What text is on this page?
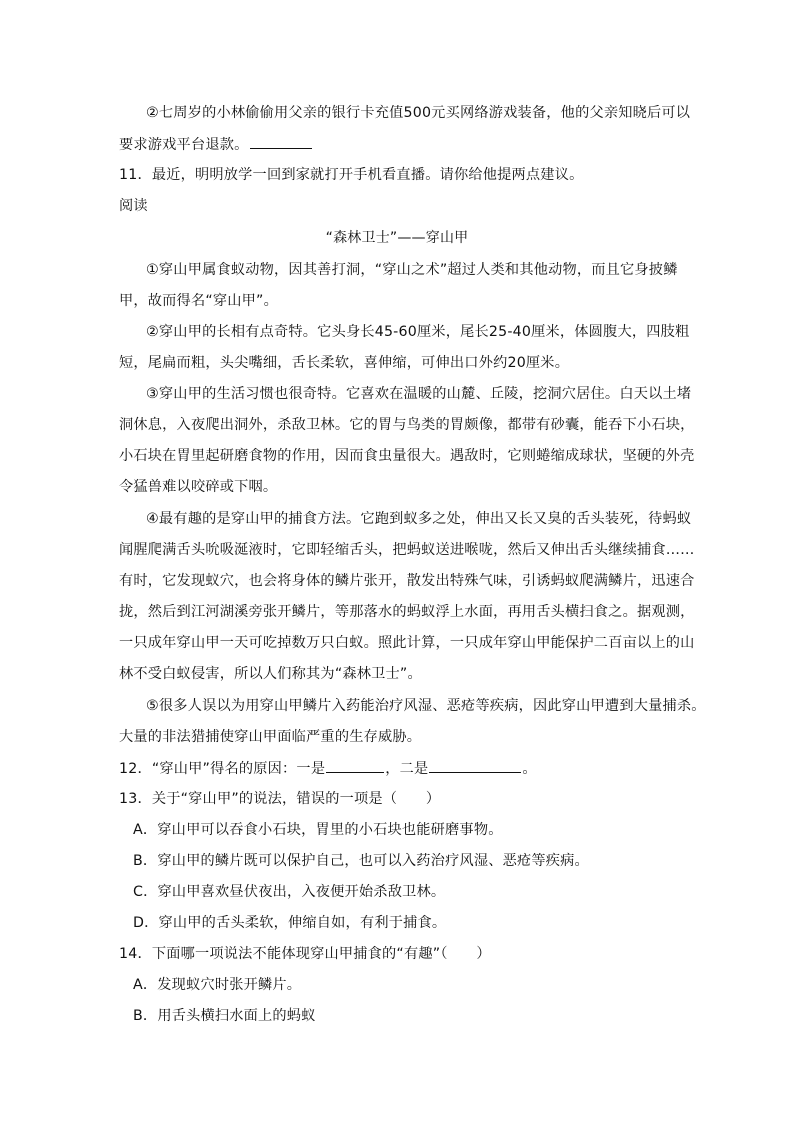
②七周岁的小林偷偷用父亲的银行卡充值500元买网络游戏装备，他的父亲知晓后可以
要求游戏平台退款。
11．最近，明明放学一回到家就打开手机看直播。请你给他提两点建议。
阅读
“森林卫士”——穿山甲
①穿山甲属食蚁动物，因其善打洞，“穿山之术”超过人类和其他动物，而且它身披鳞
甲，故而得名“穿山甲”。
②穿山甲的长相有点奇特。它头身长45-60厘米，尾长25-40厘米，体圆腹大，四肢粗
短，尾扁而粗，头尖嘴细，舌长柔软，喜伸缩，可伸出口外约20厘米。
③穿山甲的生活习惯也很奇特。它喜欢在温暖的山麓、丘陵，挖洞穴居住。白天以土堵
洞休息，入夜爬出洞外，杀敌卫林。它的胃与鸟类的胃颇像，都带有砂囊，能吞下小石块，
小石块在胃里起研磨食物的作用，因而食虫量很大。遇敌时，它则蜷缩成球状，坚硬的外壳
令猛兽难以咬碎或下咽。
④最有趣的是穿山甲的捕食方法。它跑到蚁多之处，伸出又长又臭的舌头装死，待蚂蚁
闻腥爬满舌头吮吸涎液时，它即轻缩舌头，把蚂蚁送进喉咙，然后又伸出舌头继续捕食……
有时，它发现蚁穴，也会将身体的鳞片张开，散发出特殊气味，引诱蚂蚁爬满鳞片，迅速合
拢，然后到江河湖溪旁张开鳞片，等那落水的蚂蚁浮上水面，再用舌头横扫食之。据观测，
一只成年穿山甲一天可吃掉数万只白蚁。照此计算，一只成年穿山甲能保护二百亩以上的山
林不受白蚁侵害，所以人们称其为“森林卫士”。
⑤很多人误以为用穿山甲鳞片入药能治疗风湿、恶疮等疾病，因此穿山甲遭到大量捕杀。
大量的非法猎捕使穿山甲面临严重的生存威胁。
12．“穿山甲”得名的原因：一是	，二是	。
13．关于“穿山甲”的说法，错误的一项是（　　）
A．穿山甲可以吞食小石块，胃里的小石块也能研磨事物。
B．穿山甲的鳞片既可以保护自己，也可以入药治疗风湿、恶疮等疾病。
C．穿山甲喜欢昼伏夜出，入夜便开始杀敌卫林。
D．穿山甲的舌头柔软，伸缩自如，有利于捕食。
14．下面哪一项说法不能体现穿山甲捕食的“有趣”（　　）
A．发现蚁穴时张开鳞片。
B．用舌头横扫水面上的蚂蚁
